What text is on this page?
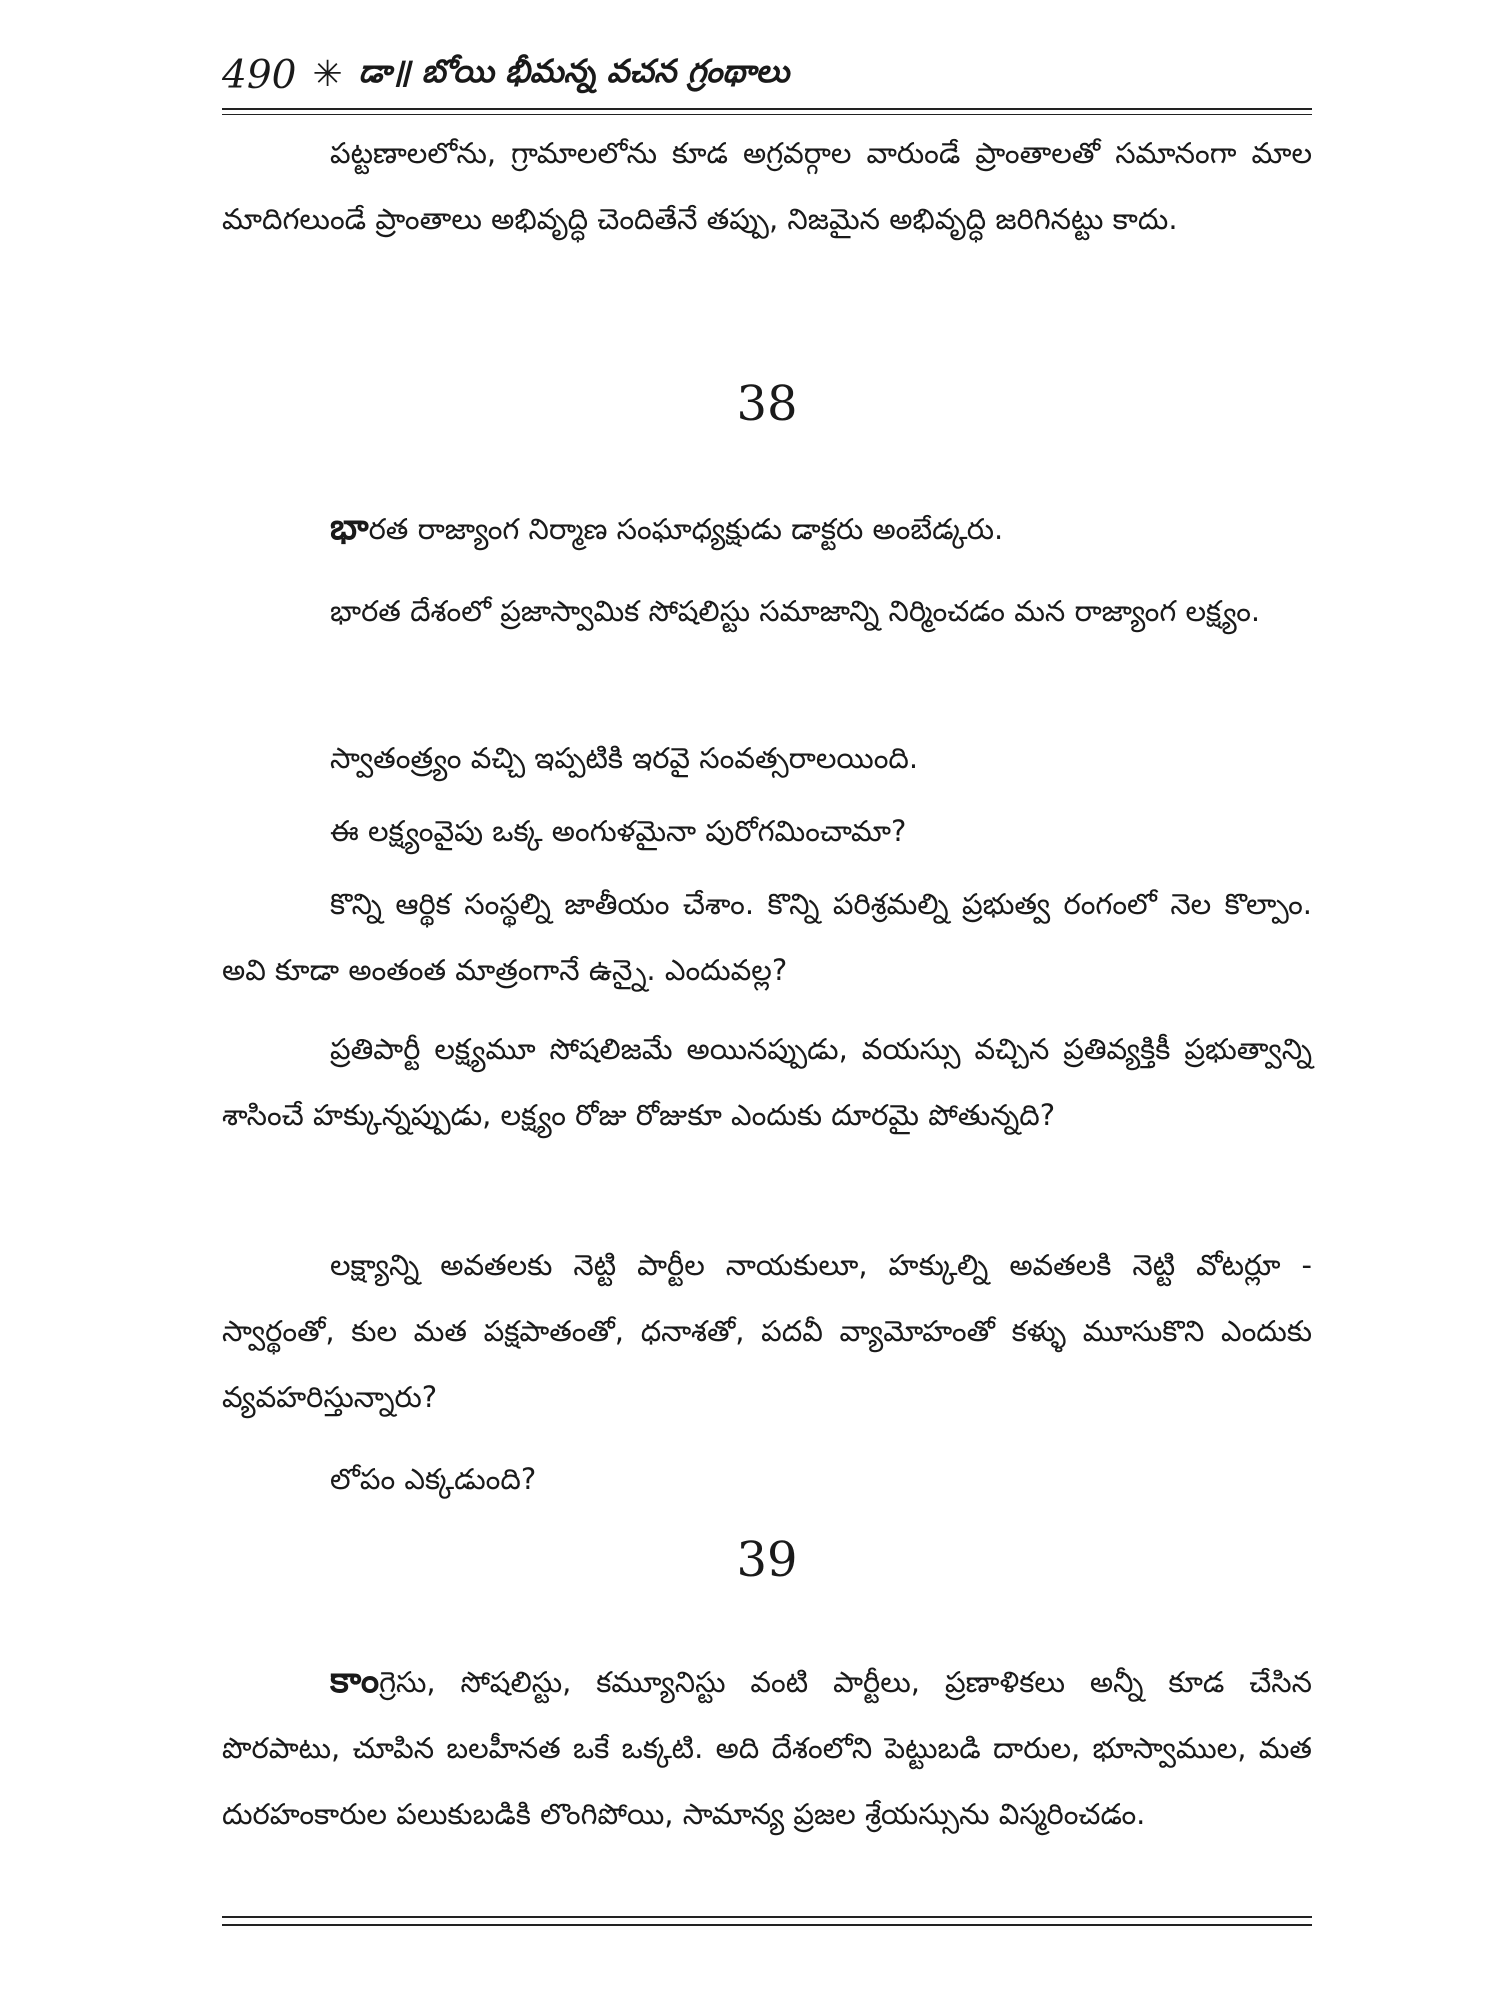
490 ✳ డా॥ బోయి భీమన్న వచన గ్రంథాలు

పట్టణాలలోను, గ్రామాలలోను కూడ అగ్రవర్గాల వారుండే ప్రాంతాలతో సమానంగా మాల మాదిగలుండే ప్రాంతాలు అభివృద్ధి చెందితేనే తప్పు, నిజమైన అభివృద్ధి జరిగినట్టు కాదు.

38

భారత రాజ్యాంగ నిర్మాణ సంఘాధ్యక్షుడు డాక్టరు అంబేడ్కరు.

భారత దేశంలో ప్రజాస్వామిక సోషలిస్టు సమాజాన్ని నిర్మించడం మన రాజ్యాంగ లక్ష్యం.

స్వాతంత్ర్యం వచ్చి ఇప్పటికి ఇరవై సంవత్సరాలయింది.

ఈ లక్ష్యంవైపు ఒక్క అంగుళమైనా పురోగమించామా?

కొన్ని ఆర్థిక సంస్థల్ని జాతీయం చేశాం. కొన్ని పరిశ్రమల్ని ప్రభుత్వ రంగంలో నెల కొల్పాం. అవి కూడా అంతంత మాత్రంగానే ఉన్నై. ఎందువల్ల?

ప్రతిపార్టీ లక్ష్యమూ సోషలిజమే అయినప్పుడు, వయస్సు వచ్చిన ప్రతివ్యక్తికీ ప్రభుత్వాన్ని శాసించే హక్కున్నప్పుడు, లక్ష్యం రోజు రోజుకూ ఎందుకు దూరమై పోతున్నది?

లక్ష్యాన్ని అవతలకు నెట్టి పార్టీల నాయకులూ, హక్కుల్ని అవతలకి నెట్టి వోటర్లూ - స్వార్థంతో, కుల మత పక్షపాతంతో, ధనాశతో, పదవీ వ్యామోహంతో కళ్ళు మూసుకొని ఎందుకు వ్యవహరిస్తున్నారు?

లోపం ఎక్కడుంది?

39

కాంగ్రెసు, సోషలిస్టు, కమ్యూనిస్టు వంటి పార్టీలు, ప్రణాళికలు అన్నీ కూడ చేసిన పొరపాటు, చూపిన బలహీనత ఒకే ఒక్కటి. అది దేశంలోని పెట్టుబడి దారుల, భూస్వాముల, మత దురహంకారుల పలుకుబడికి లొంగిపోయి, సామాన్య ప్రజల శ్రేయస్సును విస్మరించడం.
